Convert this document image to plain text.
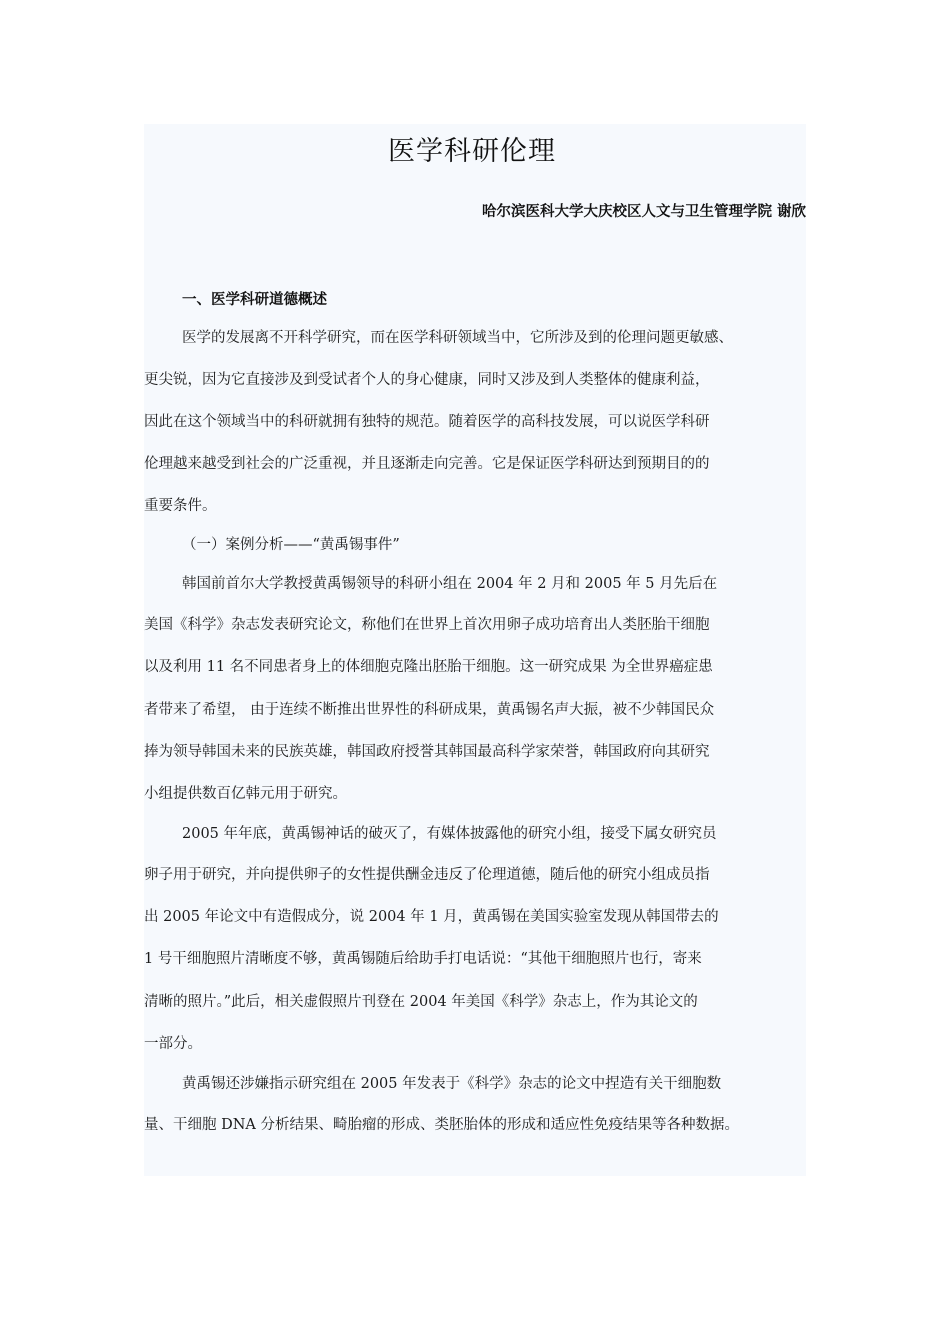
医学科研伦理
哈尔滨医科大学大庆校区人文与卫生管理学院 谢欣
一、医学科研道德概述
医学的发展离不开科学研究，而在医学科研领域当中，它所涉及到的伦理问题更敏感、
更尖锐，因为它直接涉及到受试者个人的身心健康，同时又涉及到人类整体的健康利益，
因此在这个领域当中的科研就拥有独特的规范。随着医学的高科技发展，可以说医学科研
伦理越来越受到社会的广泛重视，并且逐渐走向完善。它是保证医学科研达到预期目的的
重要条件。
（一）案例分析——“黄禹锡事件”
韩国前首尔大学教授黄禹锡领导的科研小组在 2004 年 2 月和 2005 年 5 月先后在
美国《科学》杂志发表研究论文，称他们在世界上首次用卵子成功培育出人类胚胎干细胞
以及利用 11 名不同患者身上的体细胞克隆出胚胎干细胞。这一研究成果 为全世界癌症患
者带来了希望， 由于连续不断推出世界性的科研成果，黄禹锡名声大振，被不少韩国民众
捧为领导韩国未来的民族英雄，韩国政府授誉其韩国最高科学家荣誉，韩国政府向其研究
小组提供数百亿韩元用于研究。
2005 年年底，黄禹锡神话的破灭了，有媒体披露他的研究小组，接受下属女研究员
卵子用于研究，并向提供卵子的女性提供酬金违反了伦理道德，随后他的研究小组成员指
出 2005 年论文中有造假成分，说 2004 年 1 月，黄禹锡在美国实验室发现从韩国带去的
1 号干细胞照片清晰度不够，黄禹锡随后给助手打电话说：“其他干细胞照片也行，寄来
清晰的照片。”此后，相关虚假照片刊登在 2004 年美国《科学》杂志上，作为其论文的
一部分。
黄禹锡还涉嫌指示研究组在 2005 年发表于《科学》杂志的论文中捏造有关干细胞数
量、干细胞 DNA 分析结果、畸胎瘤的形成、类胚胎体的形成和适应性免疫结果等各种数据。
